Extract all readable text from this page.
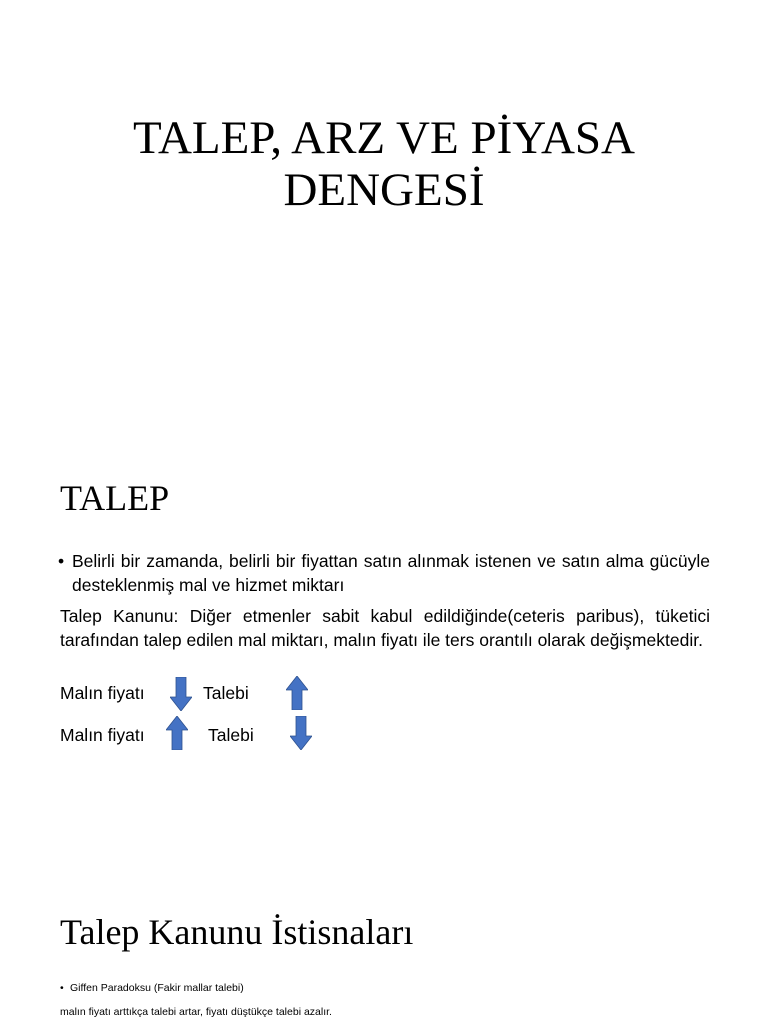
TALEP, ARZ VE PİYASA
DENGESİ
TALEP
• Belirli bir zamanda, belirli bir fiyattan satın alınmak istenen ve satın alma gücüyle desteklenmiş mal ve hizmet miktarı
Talep Kanunu: Diğer etmenler sabit kabul edildiğinde(ceteris paribus), tüketici tarafından talep edilen mal miktarı, malın fiyatı ile ters orantılı olarak değişmektedir.
Malın fiyatı	Talebi
Malın fiyatı	Talebi
Talep Kanunu İstisnaları
• Giffen Paradoksu (Fakir mallar talebi)
malın fiyatı arttıkça talebi artar, fiyatı düştükçe talebi azalır.
